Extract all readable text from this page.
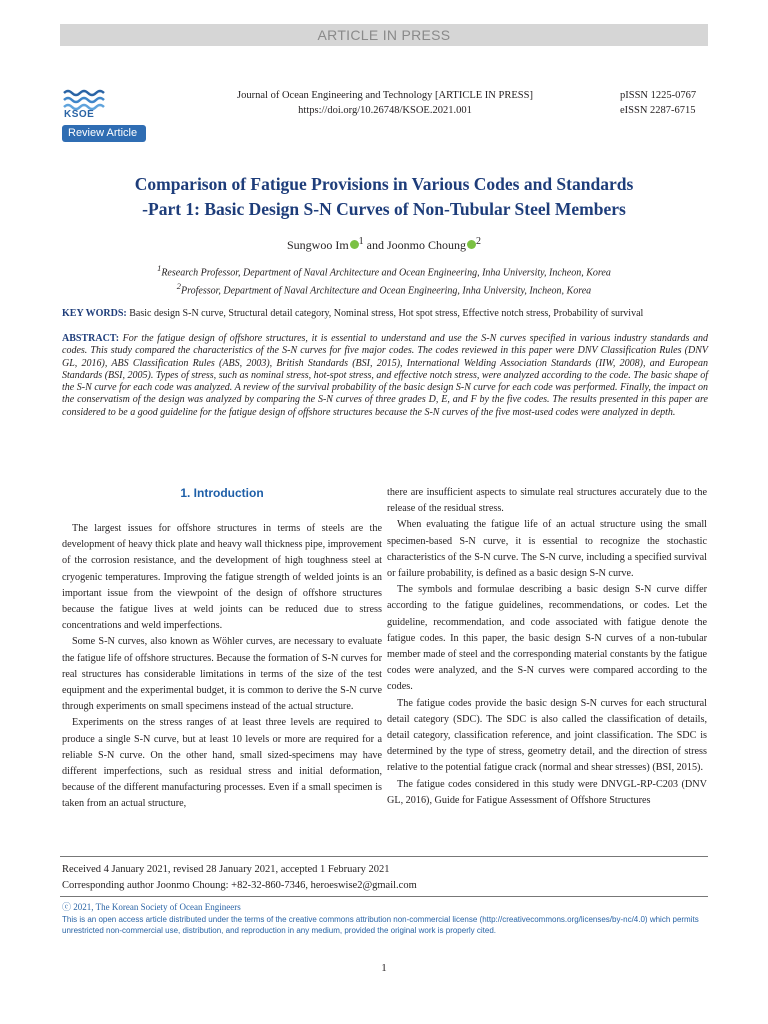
ARTICLE IN PRESS
KSOE
Review Article
Journal of Ocean Engineering and Technology [ARTICLE IN PRESS]
https://doi.org/10.26748/KSOE.2021.001
pISSN 1225-0767
eISSN 2287-6715
Comparison of Fatigue Provisions in Various Codes and Standards
-Part 1: Basic Design S-N Curves of Non-Tubular Steel Members
Sungwoo Im $^1$ and Joonmo Choung $^2$
$^1$Research Professor, Department of Naval Architecture and Ocean Engineering, Inha University, Incheon, Korea
$^2$Professor, Department of Naval Architecture and Ocean Engineering, Inha University, Incheon, Korea
KEY WORDS: Basic design S-N curve, Structural detail category, Nominal stress, Hot spot stress, Effective notch stress, Probability of survival
ABSTRACT: For the fatigue design of offshore structures, it is essential to understand and use the S-N curves specified in various industry standards and codes. This study compared the characteristics of the S-N curves for five major codes. The codes reviewed in this paper were DNV Classification Rules (DNV GL, 2016), ABS Classification Rules (ABS, 2003), British Standards (BSI, 2015), International Welding Association Standards (IIW, 2008), and European Standards (BSI, 2005). Types of stress, such as nominal stress, hot-spot stress, and effective notch stress, were analyzed according to the code. The basic shape of the S-N curve for each code was analyzed. A review of the survival probability of the basic design S-N curve for each code was performed. Finally, the impact on the conservatism of the design was analyzed by comparing the S-N curves of three grades D, E, and F by the five codes. The results presented in this paper are considered to be a good guideline for the fatigue design of offshore structures because the S-N curves of the five most-used codes were analyzed in depth.
1. Introduction

The largest issues for offshore structures in terms of steels are the development of heavy thick plate and heavy wall thickness pipe, improvement of the corrosion resistance, and the development of high toughness steel at cryogenic temperatures. Improving the fatigue strength of welded joints is an important issue from the viewpoint of the design of offshore structures because the fatigue lives at weld joints can be reduced due to stress concentrations and weld imperfections.

Some S-N curves, also known as Wöhler curves, are necessary to evaluate the fatigue life of offshore structures. Because the formation of S-N curves for real structures has considerable limitations in terms of the size of the test equipment and the experimental budget, it is common to derive the S-N curve through experiments on small specimens instead of the actual structure.

Experiments on the stress ranges of at least three levels are required to produce a single S-N curve, but at least 10 levels or more are required for a reliable S-N curve. On the other hand, small sized-specimens may have different imperfections, such as residual stress and initial deformation, because of the different manufacturing processes. Even if a small specimen is taken from an actual structure,

there are insufficient aspects to simulate real structures accurately due to the release of the residual stress.

When evaluating the fatigue life of an actual structure using the small specimen-based S-N curve, it is essential to recognize the stochastic characteristics of the S-N curve. The S-N curve, including a specified survival or failure probability, is defined as a basic design S-N curve.

The symbols and formulae describing a basic design S-N curve differ according to the fatigue guidelines, recommendations, or codes. Let the guideline, recommendation, and code associated with fatigue denote the fatigue codes. In this paper, the basic design S-N curves of a non-tubular member made of steel and the corresponding material constants by the fatigue codes were analyzed, and the S-N curves were compared according to the codes.

The fatigue codes provide the basic design S-N curves for each structural detail category (SDC). The SDC is also called the classification of details, detail category, classification reference, and joint classification. The SDC is determined by the type of stress, geometry detail, and the direction of stress relative to the potential fatigue crack (normal and shear stresses) (BSI, 2015).

The fatigue codes considered in this study were DNVGL-RP-C203 (DNV GL, 2016), Guide for Fatigue Assessment of Offshore Structures

Received 4 January 2021, revised 28 January 2021, accepted 1 February 2021
Corresponding author Joonmo Choung: +82-32-860-7346, heroeswise2@gmail.com
ⓒ 2021, The Korean Society of Ocean Engineers
This is an open access article distributed under the terms of the creative commons attribution non-commercial license (http://creativecommons.org/licenses/by-nc/4.0) which permits unrestricted non-commercial use, distribution, and reproduction in any medium, provided the original work is properly cited.
1
